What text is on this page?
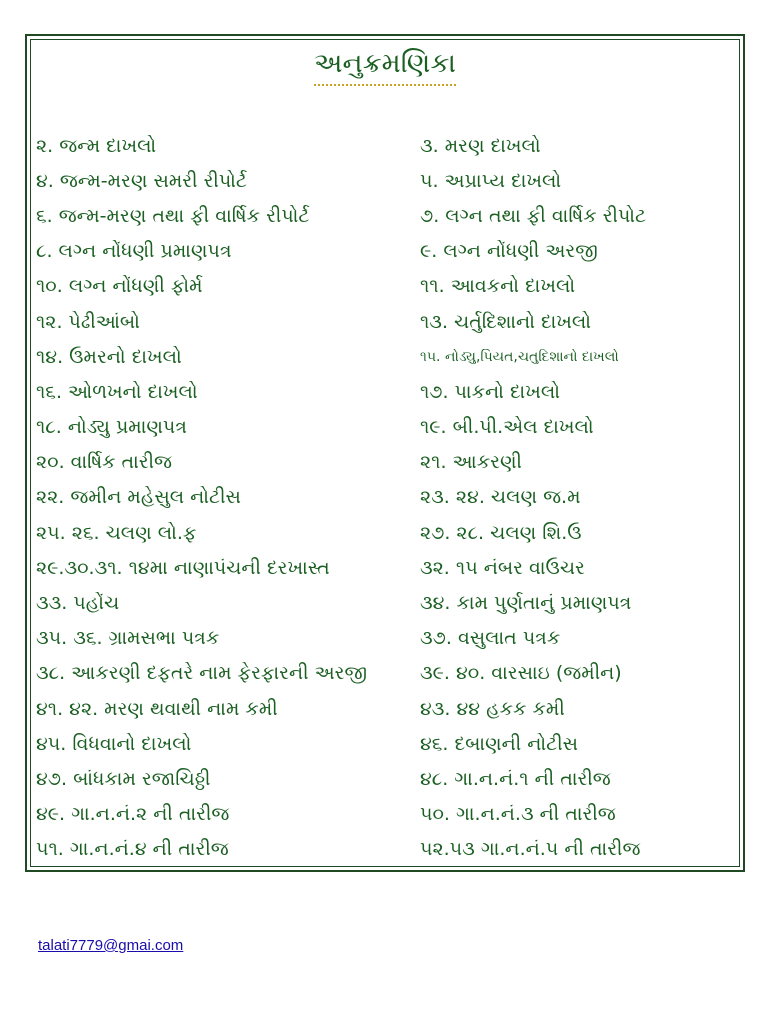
અનુક્રમણિકા
૨. જન્મ દાખલો	૩. મરણ દાખલો
૪. જન્મ-મરણ સમરી રીપોર્ટ	૫. અપ્રાપ્ય દાખલો
૬. જન્મ-મરણ તથા ફી વાર્ષિક રીપોર્ટ	૭. લગ્ન તથા ફી વાર્ષિક રીપોટ
૮. લગ્ન નોંધણી પ્રમાણપત્ર	૯. લગ્ન નોંધણી અરજી
૧૦. લગ્ન નોંધણી ફોર્મ	૧૧. આવકનો દાખલો
૧૨. પેઢીઆંબો	૧૩. ચર્તુદિશાનો દાખલો
૧૪. ઉંમરનો દાખલો	૧૫. નોડ્યુ,પિયત,ચતુદિશાનો દાખલો
૧૬. ઓળખનો દાખલો	૧૭. પાકનો દાખલો
૧૮. નોડ્યુ પ્રમાણપત્ર	૧૯. બી.પી.એલ દાખલો
૨૦. વાર્ષિક તારીજ	૨૧. આકરણી
૨૨. જમીન મહેસુલ નોટીસ	૨૩. ૨૪. ચલણ જ.મ
૨૫. ૨૬. ચલણ લો.ફ	૨૭. ૨૮. ચલણ શિ.ઉ
૨૯.૩૦.૩૧. ૧૪મા નાણાપંચની દરખાસ્ત	૩૨. ૧૫ નંબર વાઉચર
૩૩. પહોંચ	૩૪. કામ પુર્ણતાનું પ્રમાણપત્ર
૩૫. ૩૬. ગ્રામસભા પત્રક	૩૭. વસુલાત પત્રક
૩૮. આકરણી દફતરે નામ ફેરફારની અરજી	૩૯. ૪૦. વારસાઇ (જમીન)
૪૧. ૪૨. મરણ થવાથી નામ કમી	૪૩. ૪૪ હકક કમી
૪૫. વિધવાનો દાખલો	૪૬. દબાણની નોટીસ
૪૭. બાંધકામ રજાચિઠ્ઠી	૪૮. ગા.ન.નં.૧ ની તારીજ
૪૯. ગા.ન.નં.૨ ની તારીજ	૫૦. ગા.ન.નં.૩ ની તારીજ
૫૧. ગા.ન.નં.૪ ની તારીજ	૫૨.૫૩ ગા.ન.નં.૫ ની તારીજ
talati7779@gmai.com
